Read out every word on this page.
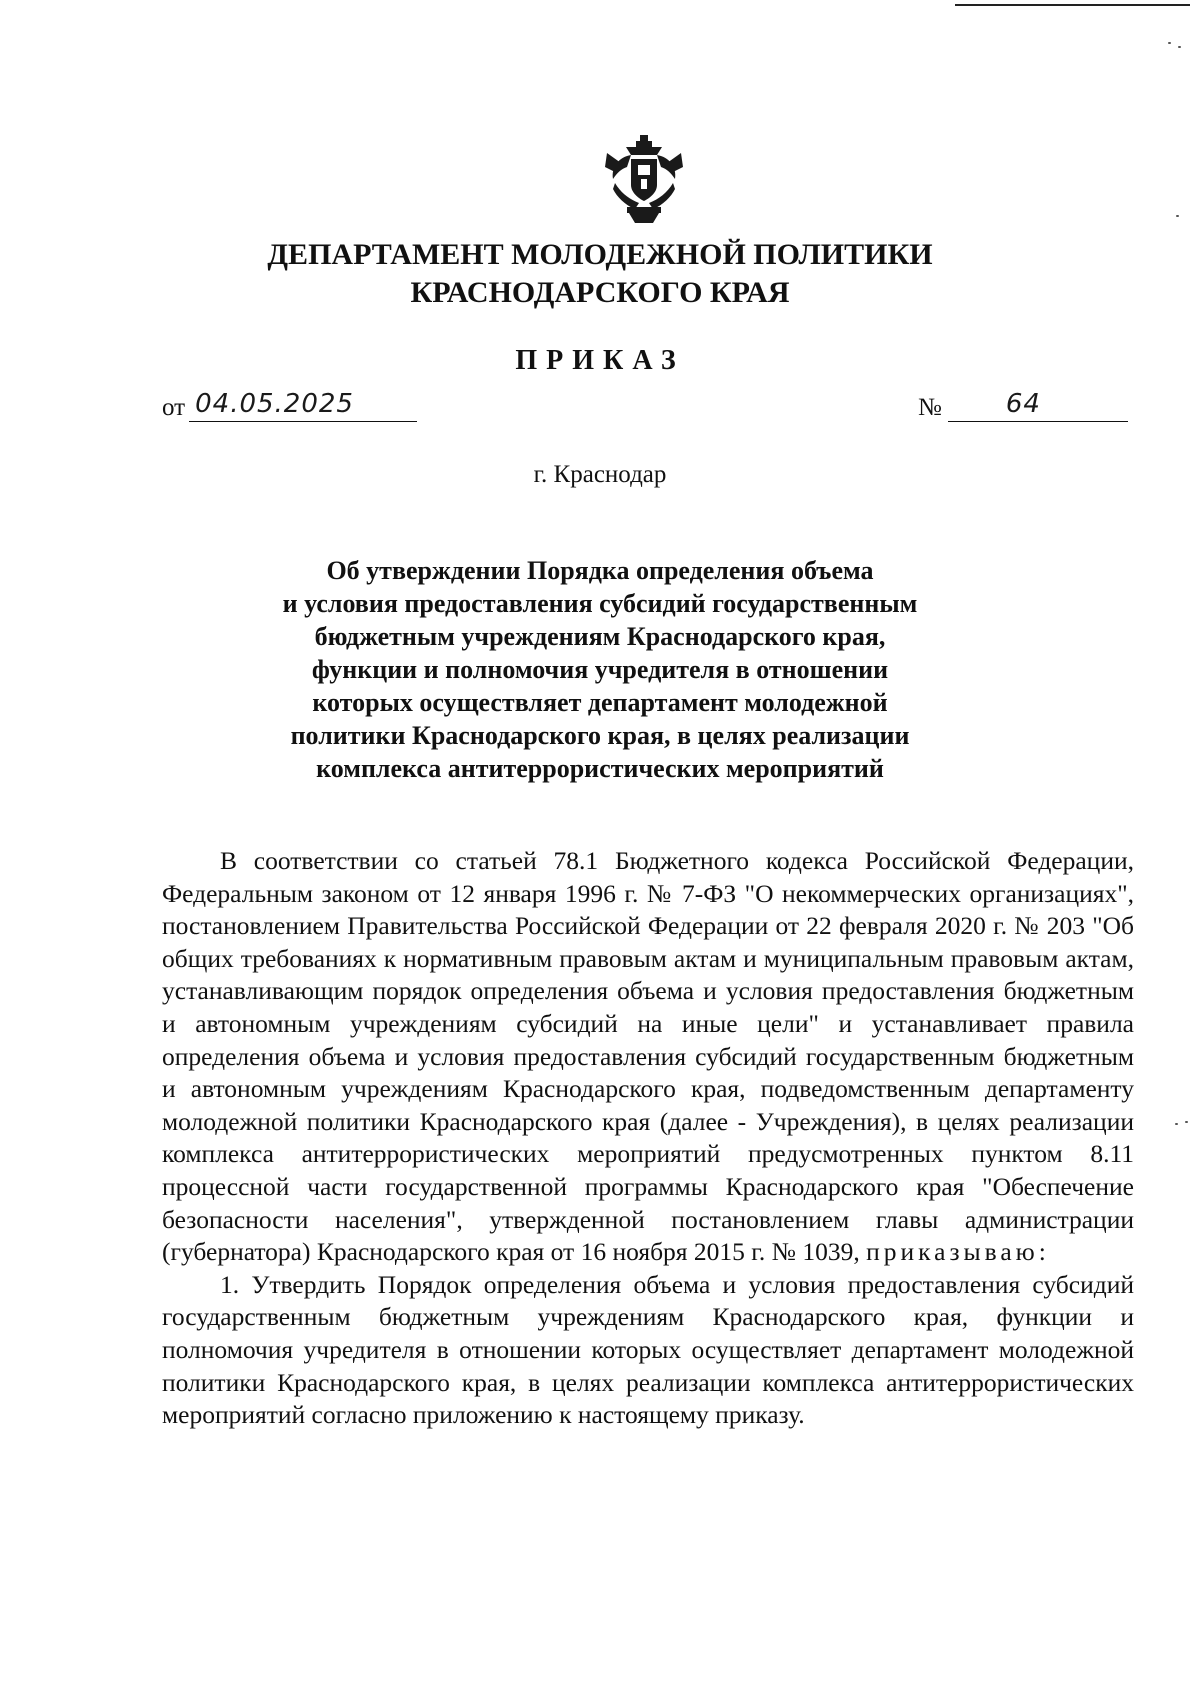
ДЕПАРТАМЕНТ МОЛОДЕЖНОЙ ПОЛИТИКИ
КРАСНОДАРСКОГО КРАЯ
ПРИКАЗ
от 04.05.2025	№ 64
г. Краснодар
Об утверждении Порядка определения объема
и условия предоставления субсидий государственным
бюджетным учреждениям Краснодарского края,
функции и полномочия учредителя в отношении
которых осуществляет департамент молодежной
политики Краснодарского края, в целях реализации
комплекса антитеррористических мероприятий

В соответствии со статьей 78.1 Бюджетного кодекса Российской Федерации, Федеральным законом от 12 января 1996 г. № 7-ФЗ "О некоммерческих организациях", постановлением Правительства Российской Федерации от 22 февраля 2020 г. № 203 "Об общих требованиях к нормативным правовым актам и муниципальным правовым актам, устанавливающим порядок определения объема и условия предоставления бюджетным и автономным учреждениям субсидий на иные цели" и устанавливает правила определения объема и условия предоставления субсидий государственным бюджетным и автономным учреждениям Краснодарского края, подведомственным департаменту молодежной политики Краснодарского края (далее - Учреждения), в целях реализации комплекса антитеррористических мероприятий предусмотренных пунктом 8.11 процессной части государственной программы Краснодарского края "Обеспечение безопасности населения", утвержденной постановлением главы администрации (губернатора) Краснодарского края от 16 ноября 2015 г. № 1039, приказываю:

1. Утвердить Порядок определения объема и условия предоставления субсидий государственным бюджетным учреждениям Краснодарского края, функции и полномочия учредителя в отношении которых осуществляет департамент молодежной политики Краснодарского края, в целях реализации комплекса антитеррористических мероприятий согласно приложению к настоящему приказу.
